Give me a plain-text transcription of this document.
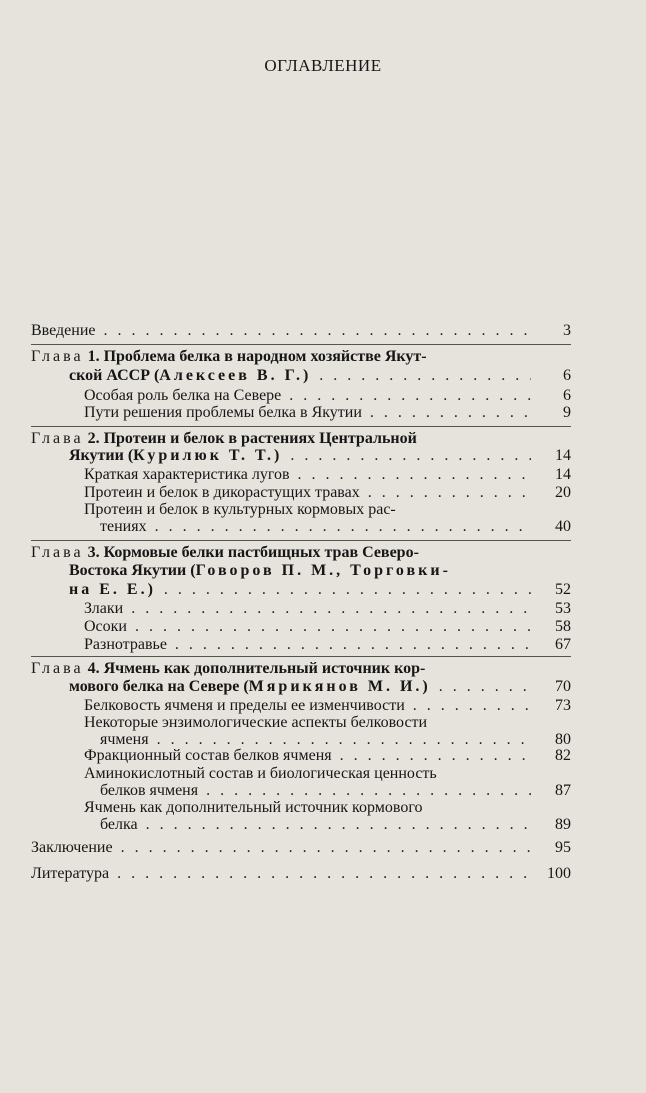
ОГЛАВЛЕНИЕ
Введение . . .	3
Глава 1. Проблема белка в народном хозяйстве Якут-
ской АССР (Алексеев В. Г.) . . .	6
Особая роль белка на Севере . . .	6
Пути решения проблемы белка в Якутии . . .	9
Глава 2. Протеин и белок в растениях Центральной
Якутии (Курилюк Т. Т.) . . .	14
Краткая характеристика лугов . . .	14
Протеин и белок в дикорастущих травах . . .	20
Протеин и белок в культурных кормовых рас-
тениях . . .	40
Глава 3. Кормовые белки пастбищных трав Северо-
Востока Якутии (Говоров П. М., Торговки-
на Е. Е.) . . .	52
Злаки . . .	53
Осоки . . .	58
Разнотравье . . .	67
Глава 4. Ячмень как дополнительный источник кор-
мового белка на Севере (Мярикянов М. И.) . . .	70
Белковость ячменя и пределы ее изменчивости . . .	73
Некоторые энзимологические аспекты белковости
ячменя . . .	80
Фракционный состав белков ячменя . . .	82
Аминокислотный состав и биологическая ценность
белков ячменя . . .	87
Ячмень как дополнительный источник кормового
белка . . .	89
Заключение . . .	95
Литература . . .	100
